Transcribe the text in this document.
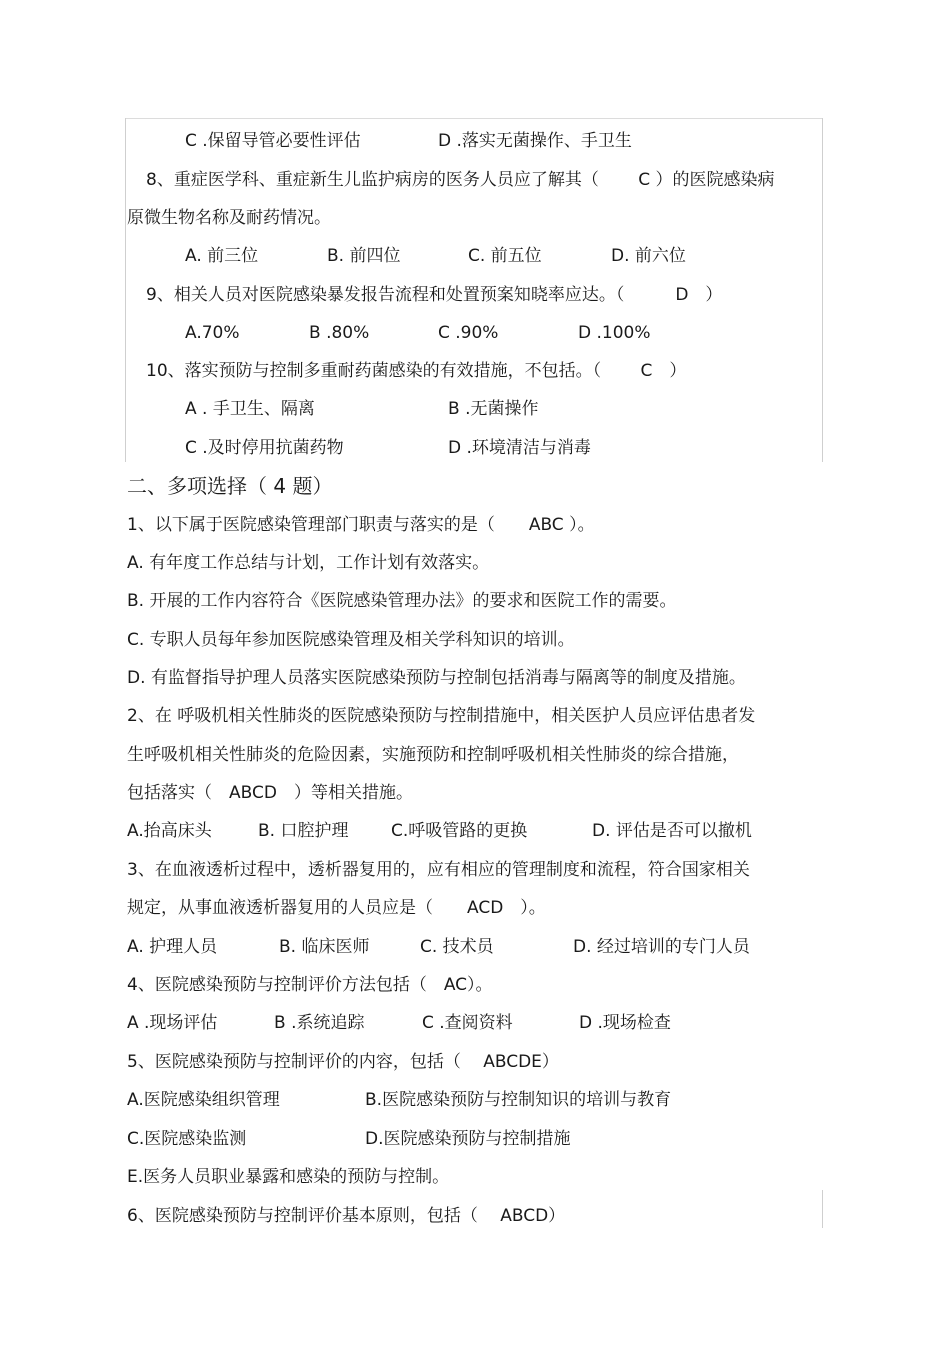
C .保留导管必要性评估	D .落实无菌操作、手卫生
8、重症医学科、重症新生儿监护病房的医务人员应了解其（　　 C ）的医院感染病
原微生物名称及耐药情况。
A. 前三位	B. 前四位	C. 前五位	D. 前六位
9、相关人员对医院感染暴发报告流程和处置预案知晓率应达。（　　　D　）
A.70%	B .80%	C .90%	D .100%
10、落实预防与控制多重耐药菌感染的有效措施，不包括。（　　 C　）
A . 手卫生、隔离	B .无菌操作
C .及时停用抗菌药物	D .环境清洁与消毒
二、多项选择（ 4 题）
1、以下属于医院感染管理部门职责与落实的是（　　ABC ）。
A. 有年度工作总结与计划，工作计划有效落实。
B. 开展的工作内容符合《医院感染管理办法》的要求和医院工作的需要。
C. 专职人员每年参加医院感染管理及相关学科知识的培训。
D. 有监督指导护理人员落实医院感染预防与控制包括消毒与隔离等的制度及措施。
2、在 呼吸机相关性肺炎的医院感染预防与控制措施中，相关医护人员应评估患者发
生呼吸机相关性肺炎的危险因素，实施预防和控制呼吸机相关性肺炎的综合措施，
包括落实（　ABCD　）等相关措施。
A.抬高床头	B. 口腔护理	C.呼吸管路的更换	D. 评估是否可以撤机
3、在血液透析过程中，透析器复用的，应有相应的管理制度和流程，符合国家相关
规定，从事血液透析器复用的人员应是（　　ACD　）。
A. 护理人员	B. 临床医师	C. 技术员	D. 经过培训的专门人员
4、医院感染预防与控制评价方法包括（　AC）。
A .现场评估	B .系统追踪	C .查阅资料	D .现场检查
5、医院感染预防与控制评价的内容，包括（　 ABCDE）
A.医院感染组织管理	B.医院感染预防与控制知识的培训与教育
C.医院感染监测	D.医院感染预防与控制措施
E.医务人员职业暴露和感染的预防与控制。
6、医院感染预防与控制评价基本原则，包括（　 ABCD）
